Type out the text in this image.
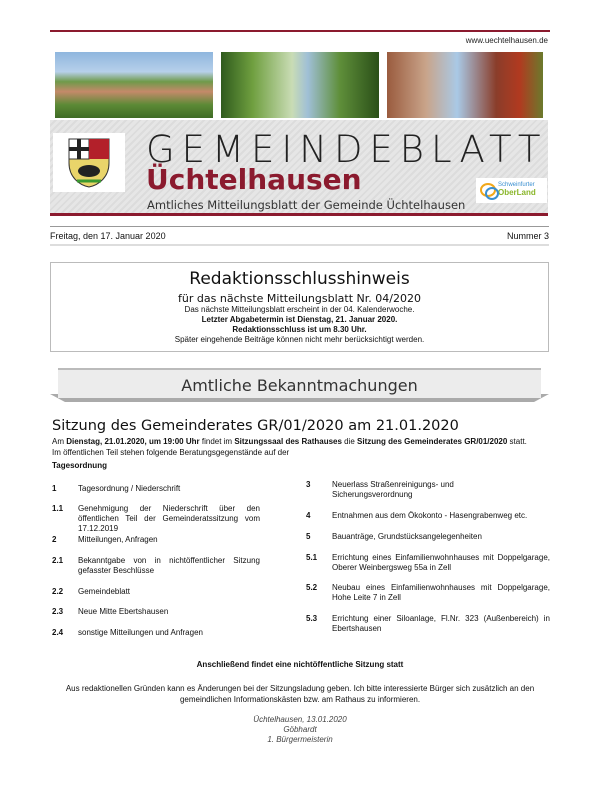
www.uechtelhausen.de
GEMEINDEBLATT
Üchtelhausen
Amtliches Mitteilungsblatt der Gemeinde Üchtelhausen
Schweinfurter
OberLand
Freitag, den 17. Januar 2020	Nummer 3
Redaktionsschlusshinweis
für das nächste Mitteilungsblatt Nr. 04/2020

Das nächste Mitteilungsblatt erscheint in der 04. Kalenderwoche.

Letzter Abgabetermin ist Dienstag, 21. Januar 2020.

Redaktionsschluss ist um 8.30 Uhr.

Später eingehende Beiträge können nicht mehr berücksichtigt werden.

Amtliche Bekanntmachungen
Sitzung des Gemeinderates GR/01/2020 am 21.01.2020
Am Dienstag, 21.01.2020, um 19:00 Uhr findet im Sitzungssaal des Rathauses die Sitzung des Gemeinderates GR/01/2020 statt.
Im öffentlichen Teil stehen folgende Beratungsgegenstände auf der
Tagesordnung
1	Tagesordnung / Niederschrift
1.1	Genehmigung der Niederschrift über den öffentlichen Teil der Gemeinderatssitzung vom 17.12.2019
2	Mitteilungen, Anfragen
2.1	Bekanntgabe von in nichtöffentlicher Sitzung gefasster Beschlüsse
2.2	Gemeindeblatt
2.3	Neue Mitte Ebertshausen
2.4	sonstige Mitteilungen und Anfragen
3	Neuerlass Straßenreinigungs- und Sicherungsverordnung
4	Entnahmen aus dem Ökokonto - Hasengrabenweg etc.
5	Bauanträge, Grundstücksangelegenheiten
5.1	Errichtung eines Einfamilienwohnhauses mit Doppelgarage, Oberer Weinbergsweg 55a in Zell
5.2	Neubau eines Einfamilienwohnhauses mit Doppelgarage, Hohe Leite 7 in Zell
5.3	Errichtung einer Siloanlage, Fl.Nr. 323 (Außenbereich) in Ebertshausen
Anschließend findet eine nichtöffentliche Sitzung statt
Aus redaktionellen Gründen kann es Änderungen bei der Sitzungsladung geben. Ich bitte interessierte Bürger sich zusätzlich an den gemeindlichen Informationskästen bzw. am Rathaus zu informieren.
Üchtelhausen, 13.01.2020
Göbhardt
1. Bürgermeisterin
